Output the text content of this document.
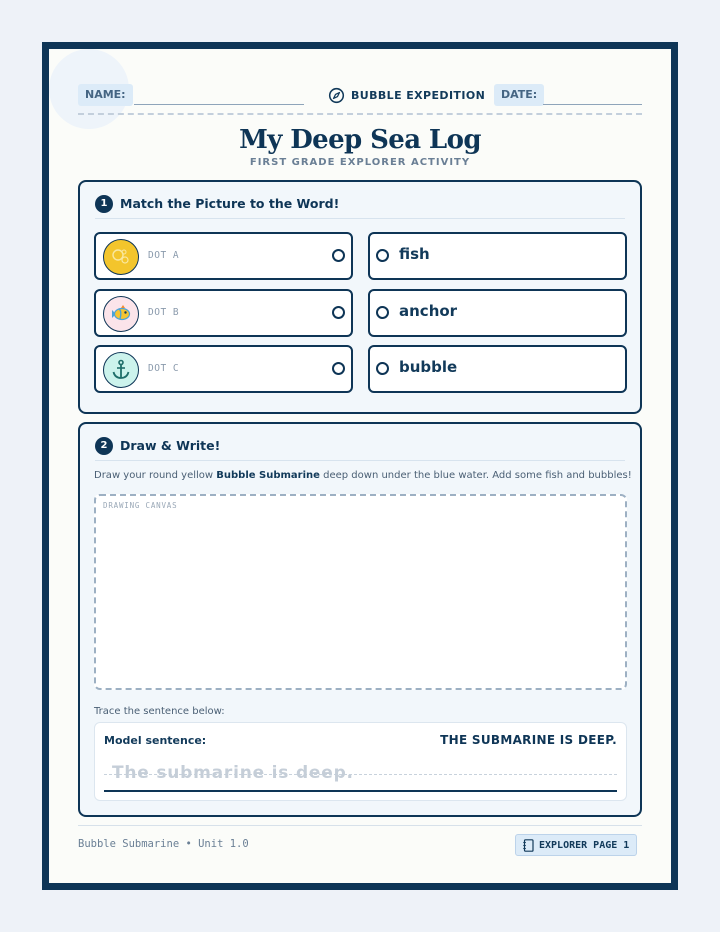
NAME:	BUBBLE EXPEDITION	DATE:
My Deep Sea Log
FIRST GRADE EXPLORER ACTIVITY
1	Match the Picture to the Word!
DOT A
DOT B
DOT C
fish
anchor
bubble
2	Draw & Write!
Draw your round yellow Bubble Submarine deep down under the blue water. Add some fish and bubbles!
DRAWING CANVAS
Trace the sentence below:
Model sentence:	THE SUBMARINE IS DEEP.
The submarine is deep.
Bubble Submarine • Unit 1.0	EXPLORER PAGE 1
